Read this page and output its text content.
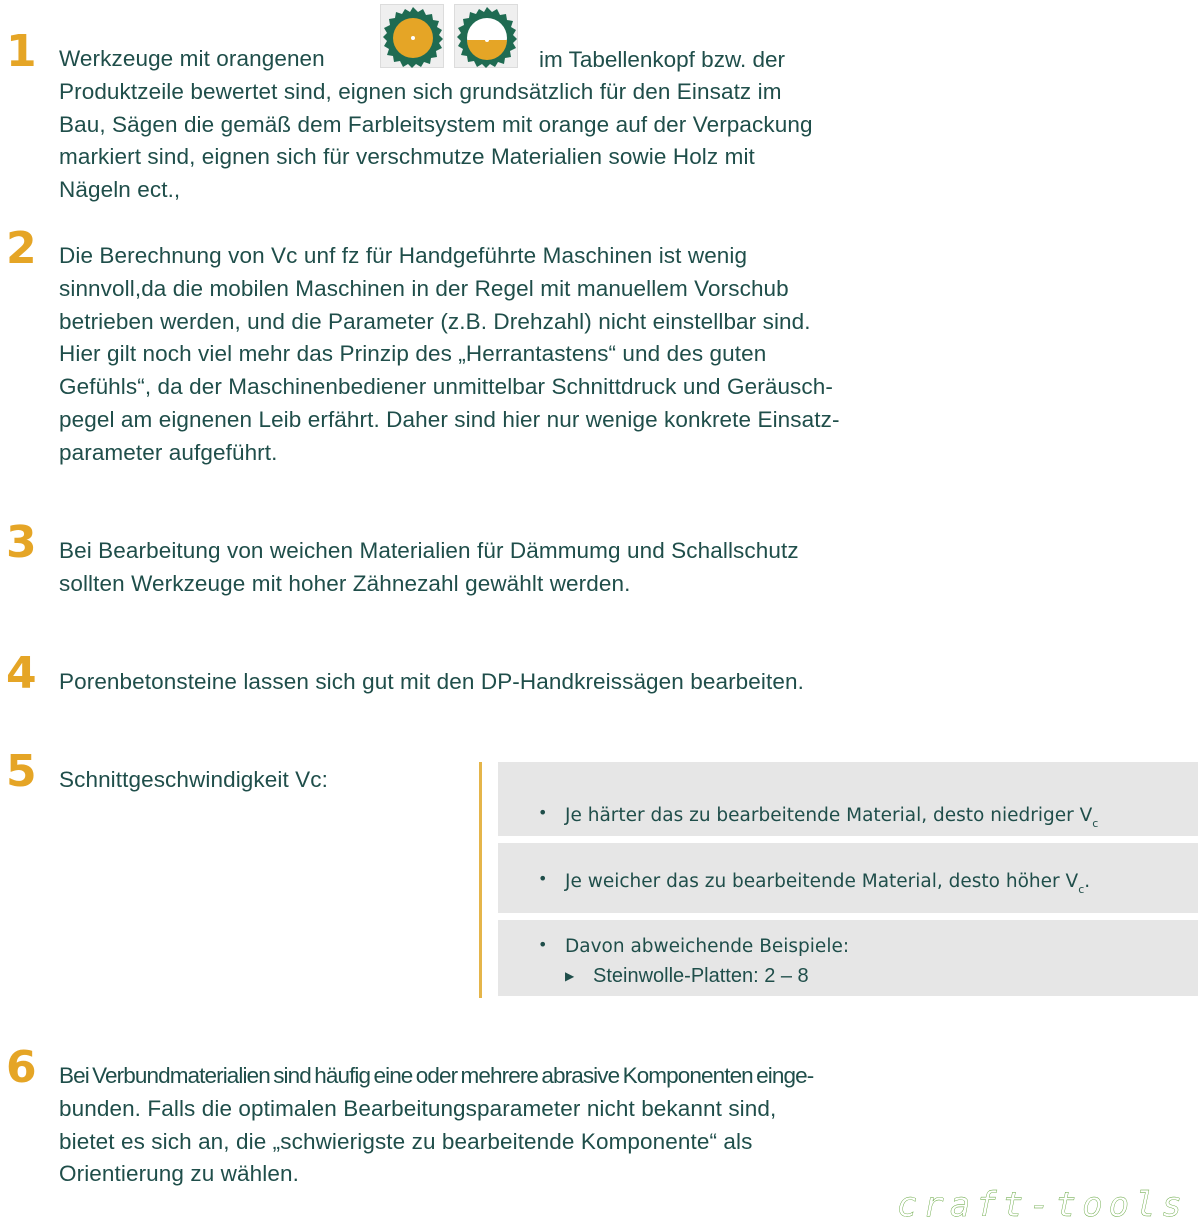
1 Werkzeuge mit orangenen
Produktzeile bewertet sind, eignen sich grundsätzlich für den Einsatz im
Bau, Sägen die gemäß dem Farbleitsystem mit orange auf der Verpackung
markiert sind, eignen sich für verschmutze Materialien sowie Holz mit
Nägeln ect.,
im Tabellenkopf bzw. der
2 Die Berechnung von Vc unf fz für Handgeführte Maschinen ist wenig
sinnvoll,da die mobilen Maschinen in der Regel mit manuellem Vorschub
betrieben werden, und die Parameter (z.B. Drehzahl) nicht einstellbar sind.
Hier gilt noch viel mehr das Prinzip des „Herrantastens“ und des guten
Gefühls“, da der Maschinenbediener unmittelbar Schnittdruck und Geräusch-
pegel am eignenen Leib erfährt. Daher sind hier nur wenige konkrete Einsatz-
parameter aufgeführt.
3 Bei Bearbeitung von weichen Materialien für Dämmumg und Schallschutz
sollten Werkzeuge mit hoher Zähnezahl gewählt werden.
4 Porenbetonsteine lassen sich gut mit den DP-Handkreissägen bearbeiten.
5 Schnittgeschwindigkeit Vc:
• Je härter das zu bearbeitende Material, desto niedriger $V_c$
• Je weicher das zu bearbeitende Material, desto höher $V_c$.
• Davon abweichende Beispiele:
▶ Steinwolle-Platten: 2 – 8
6 Bei Verbundmaterialien sind häufig eine oder mehrere abrasive Komponenten einge-
bunden. Falls die optimalen Bearbeitungsparameter nicht bekannt sind,
bietet es sich an, die „schwierigste zu bearbeitende Komponente“ als
Orientierung zu wählen.
craft-tools
